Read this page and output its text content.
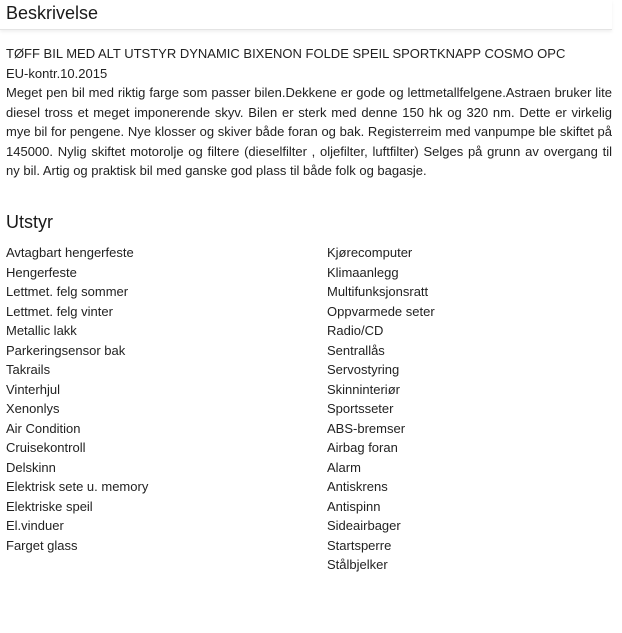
Beskrivelse

TØFF BIL MED ALT UTSTYR DYNAMIC BIXENON FOLDE SPEIL SPORTKNAPP COSMO OPC

EU-kontr.10.2015

Meget pen bil med riktig farge som passer bilen.Dekkene er gode og lettmetallfelgene.Astraen bruker lite diesel tross et meget imponerende skyv. Bilen er sterk med denne 150 hk og 320 nm. Dette er virkelig mye bil for pengene. Nye klosser og skiver både foran og bak. Registerreim med vanpumpe ble skiftet på 145000. Nylig skiftet motorolje og filtere (dieselfilter , oljefilter, luftfilter) Selges på grunn av overgang til ny bil. Artig og praktisk bil med ganske god plass til både folk og bagasje.

Utstyr
Avtagbart hengerfeste
Hengerfeste
Lettmet. felg sommer
Lettmet. felg vinter
Metallic lakk
Parkeringsensor bak
Takrails
Vinterhjul
Xenonlys
Air Condition
Cruisekontroll
Delskinn
Elektrisk sete u. memory
Elektriske speil
El.vinduer
Farget glass
Kjørecomputer
Klimaanlegg
Multifunksjonsratt
Oppvarmede seter
Radio/CD
Sentrallås
Servostyring
Skinninteriør
Sportsseter
ABS-bremser
Airbag foran
Alarm
Antiskrens
Antispinn
Sideairbager
Startsperre
Stålbjelker
